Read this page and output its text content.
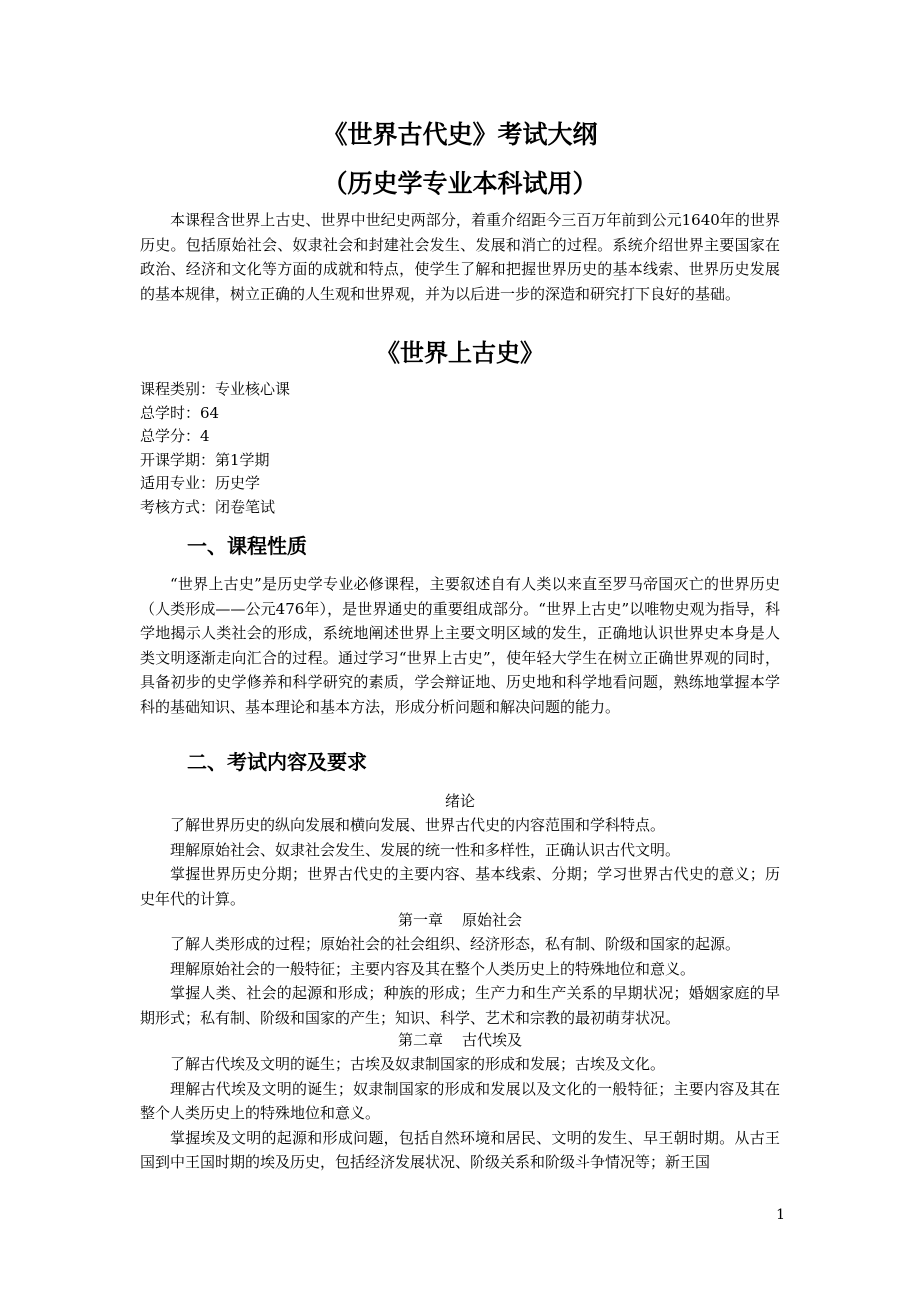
《世界古代史》考试大纲
（历史学专业本科试用）
本课程含世界上古史、世界中世纪史两部分，着重介绍距今三百万年前到公元1640年的世界历史。包括原始社会、奴隶社会和封建社会发生、发展和消亡的过程。系统介绍世界主要国家在政治、经济和文化等方面的成就和特点，使学生了解和把握世界历史的基本线索、世界历史发展的基本规律，树立正确的人生观和世界观，并为以后进一步的深造和研究打下良好的基础。
《世界上古史》
课程类别：专业核心课
总学时：64
总学分：4
开课学期：第1学期
适用专业：历史学
考核方式：闭卷笔试
一、课程性质
“世界上古史”是历史学专业必修课程，主要叙述自有人类以来直至罗马帝国灭亡的世界历史（人类形成——公元476年），是世界通史的重要组成部分。“世界上古史”以唯物史观为指导，科学地揭示人类社会的形成，系统地阐述世界上主要文明区域的发生，正确地认识世界史本身是人类文明逐渐走向汇合的过程。通过学习“世界上古史”，使年轻大学生在树立正确世界观的同时，具备初步的史学修养和科学研究的素质，学会辩证地、历史地和科学地看问题，熟练地掌握本学科的基础知识、基本理论和基本方法，形成分析问题和解决问题的能力。
二、考试内容及要求
绪论

了解世界历史的纵向发展和横向发展、世界古代史的内容范围和学科特点。

理解原始社会、奴隶社会发生、发展的统一性和多样性，正确认识古代文明。

掌握世界历史分期；世界古代史的主要内容、基本线索、分期；学习世界古代史的意义；历史年代的计算。

第一章    原始社会

了解人类形成的过程；原始社会的社会组织、经济形态，私有制、阶级和国家的起源。

理解原始社会的一般特征；主要内容及其在整个人类历史上的特殊地位和意义。

掌握人类、社会的起源和形成；种族的形成；生产力和生产关系的早期状况；婚姻家庭的早期形式；私有制、阶级和国家的产生；知识、科学、艺术和宗教的最初萌芽状况。

第二章    古代埃及

了解古代埃及文明的诞生；古埃及奴隶制国家的形成和发展；古埃及文化。

理解古代埃及文明的诞生；奴隶制国家的形成和发展以及文化的一般特征；主要内容及其在整个人类历史上的特殊地位和意义。

掌握埃及文明的起源和形成问题，包括自然环境和居民、文明的发生、早王朝时期。从古王国到中王国时期的埃及历史，包括经济发展状况、阶级关系和阶级斗争情况等；新王国

1
